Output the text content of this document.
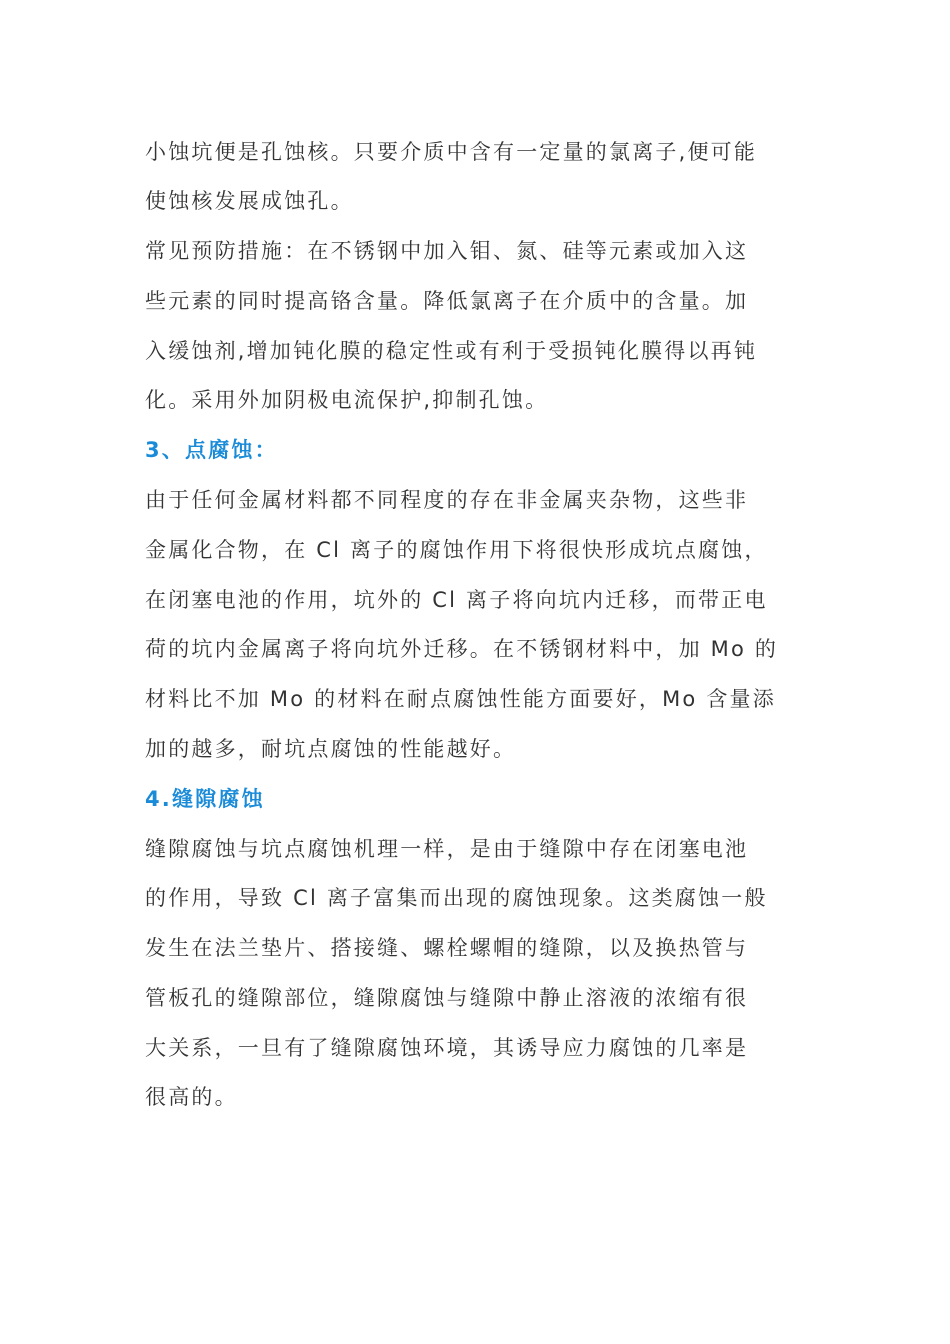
小蚀坑便是孔蚀核。只要介质中含有一定量的氯离子,便可能
使蚀核发展成蚀孔。
常见预防措施：在不锈钢中加入钼、氮、硅等元素或加入这
些元素的同时提高铬含量。降低氯离子在介质中的含量。加
入缓蚀剂,增加钝化膜的稳定性或有利于受损钝化膜得以再钝
化。采用外加阴极电流保护,抑制孔蚀。
3、点腐蚀：
由于任何金属材料都不同程度的存在非金属夹杂物，这些非
金属化合物，在 Cl 离子的腐蚀作用下将很快形成坑点腐蚀，
在闭塞电池的作用，坑外的 Cl 离子将向坑内迁移，而带正电
荷的坑内金属离子将向坑外迁移。在不锈钢材料中，加 Mo 的
材料比不加 Mo 的材料在耐点腐蚀性能方面要好，Mo 含量添
加的越多，耐坑点腐蚀的性能越好。
4.缝隙腐蚀
缝隙腐蚀与坑点腐蚀机理一样，是由于缝隙中存在闭塞电池
的作用，导致 Cl 离子富集而出现的腐蚀现象。这类腐蚀一般
发生在法兰垫片、搭接缝、螺栓螺帽的缝隙，以及换热管与
管板孔的缝隙部位，缝隙腐蚀与缝隙中静止溶液的浓缩有很
大关系，一旦有了缝隙腐蚀环境，其诱导应力腐蚀的几率是
很高的。
